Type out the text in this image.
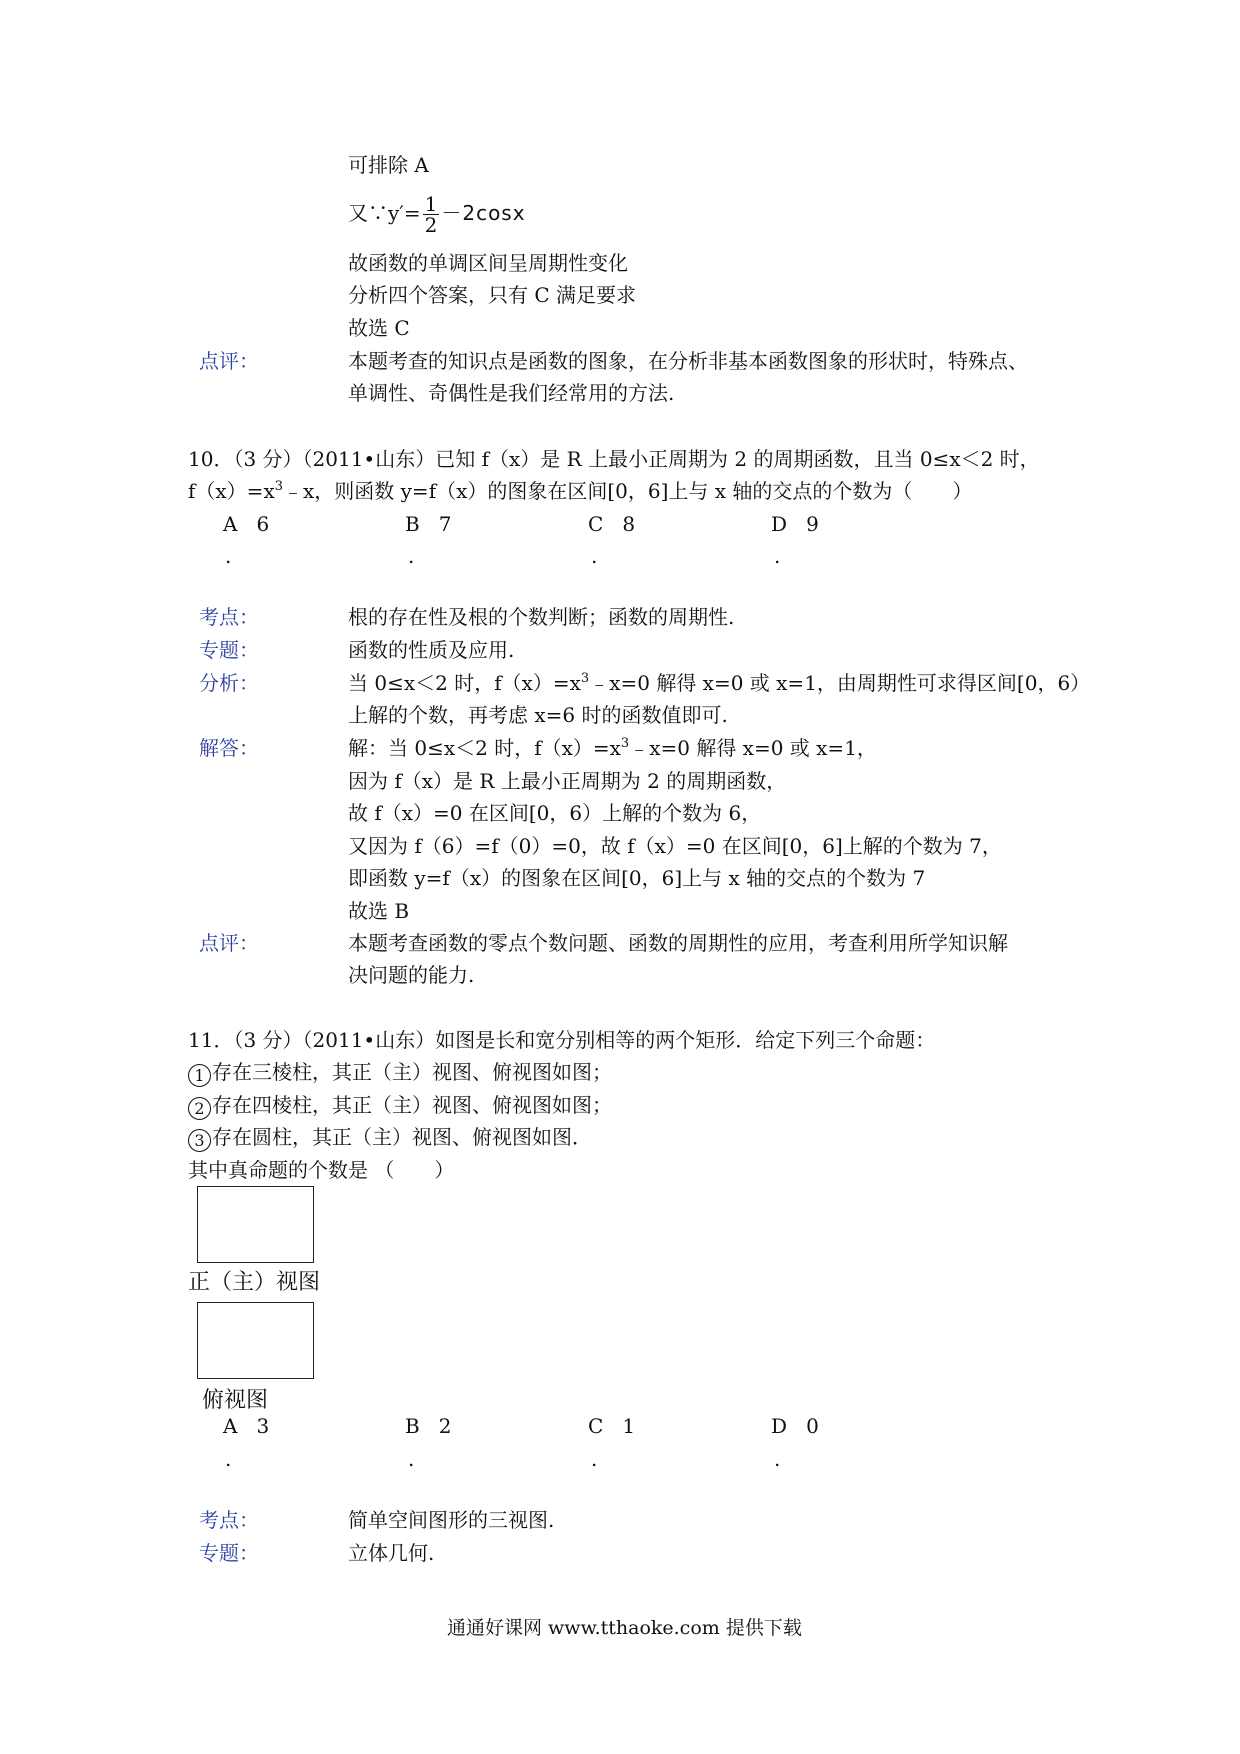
可排除 A
又∵y′= $\frac{1}{2} -2\cos x$
故函数的单调区间呈周期性变化
分析四个答案，只有 C 满足要求
故选 C
点评：	本题考查的知识点是函数的图象，在分析非基本函数图象的形状时，特殊点、
单调性、奇偶性是我们经常用的方法.
10．（3 分）（2011•山东）已知 f（x）是 R 上最小正周期为 2 的周期函数，且当 0≤x＜2 时，
$f(x)=x^3﹣x$，则函数 y=f（x）的图象在区间[0，6]上与 x 轴的交点的个数为（　　）
A 6	B 7	C 8	D 9
.	.	.	.
考点：	根的存在性及根的个数判断；函数的周期性.
专题：	函数的性质及应用.
分析：	当 0≤x＜2 时，$f(x)=x^3﹣x=0$ 解得 x=0 或 x=1，由周期性可求得区间[0，6）
上解的个数，再考虑 x=6 时的函数值即可.
解答：	解：当 0≤x＜2 时，$f(x)=x^3﹣x=0$ 解得 x=0 或 x=1，
因为 f（x）是 R 上最小正周期为 2 的周期函数，
故 f（x）=0 在区间[0，6）上解的个数为 6，
又因为 f（6）=f（0）=0，故 f（x）=0 在区间[0，6]上解的个数为 7，
即函数 y=f（x）的图象在区间[0，6]上与 x 轴的交点的个数为 7
故选 B
点评：	本题考查函数的零点个数问题、函数的周期性的应用，考查利用所学知识解
决问题的能力.
11．（3 分）（2011•山东）如图是长和宽分别相等的两个矩形．给定下列三个命题：
1 存在三棱柱，其正（主）视图、俯视图如图；
2 存在四棱柱，其正（主）视图、俯视图如图；
3 存在圆柱，其正（主）视图、俯视图如图．
其中真命题的个数是 （　　）
正（主）视图
俯视图
A 3	B 2	C 1	D 0
.	.	.	.
考点：	简单空间图形的三视图.
专题：	立体几何.
通通好课网 www.tthaoke.com 提供下载
